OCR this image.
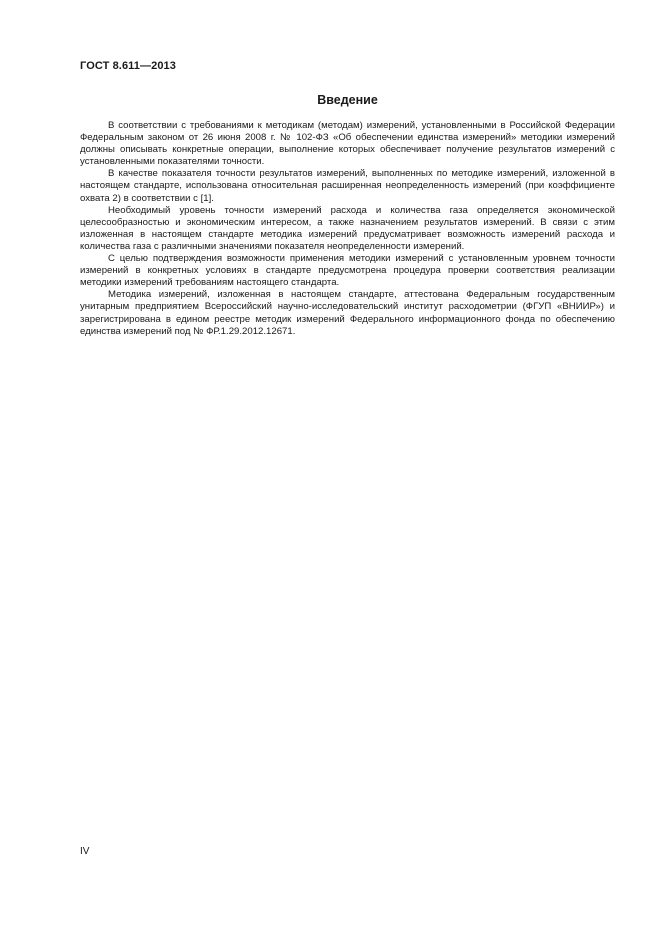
ГОСТ 8.611—2013
Введение

В соответствии с требованиями к методикам (методам) измерений, установленными в Российской Федерации Федеральным законом от 26 июня 2008 г. № 102-ФЗ «Об обеспечении единства измерений» методики измерений должны описывать конкретные операции, выполнение которых обеспечивает получение результатов измерений с установленными показателями точности.

В качестве показателя точности результатов измерений, выполненных по методике измерений, изложенной в настоящем стандарте, использована относительная расширенная неопределенность измерений (при коэффициенте охвата 2) в соответствии с [1].

Необходимый уровень точности измерений расхода и количества газа определяется экономической целесообразностью и экономическим интересом, а также назначением результатов измерений. В связи с этим изложенная в настоящем стандарте методика измерений предусматривает возможность измерений расхода и количества газа с различными значениями показателя неопределенности измерений.

С целью подтверждения возможности применения методики измерений с установленным уровнем точности измерений в конкретных условиях в стандарте предусмотрена процедура проверки соответствия реализации методики измерений требованиям настоящего стандарта.

Методика измерений, изложенная в настоящем стандарте, аттестована Федеральным государственным унитарным предприятием Всероссийский научно-исследовательский институт расходометрии (ФГУП «ВНИИР») и зарегистрирована в едином реестре методик измерений Федерального информационного фонда по обеспечению единства измерений под № ФР.1.29.2012.12671.

IV
